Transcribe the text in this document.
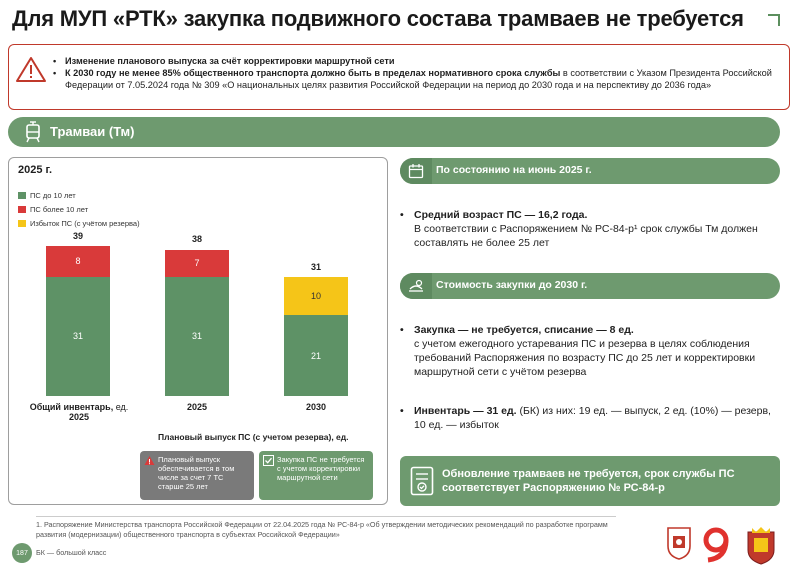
Для МУП «РТК» закупка подвижного состава трамваев не требуется
• Изменение планового выпуска за счёт корректировки маршрутной сети
• К 2030 году не менее 85% общественного транспорта должно быть в пределах нормативного срока службы в соответствии с Указом Президента Российской Федерации от 7.05.2024 года № 309 «О национальных целях развития Российской Федерации на период до 2030 года и на перспективу до 2036 года»
Трамваи (Тм)
2025 г.
ПС до 10 лет
ПС более 10 лет
Избыток ПС (с учётом резерва)
39
8
31
38
7
31
31
10
21
Общий инвентарь, ед.
2025
2025	2030
Плановый выпуск ПС (с учетом резерва), ед.
Плановый выпуск обеспечивается в том числе за счет 7 ТС старше 25 лет
Закупка ПС не требуется с учетом корректировки маршрутной сети
По состоянию на июнь 2025 г.
• Средний возраст ПС — 16,2 года.
В соответствии с Распоряжением № РС-84-р¹ срок службы Тм должен составлять не более 25 лет
Стоимость закупки до 2030 г.
• Закупка — не требуется, списание — 8 ед.
с учетом ежегодного устаревания ПС и резерва в целях соблюдения требований Распоряжения по возрасту ПС до 25 лет и корректировки маршрутной сети с учётом резерва
• Инвентарь — 31 ед. (БК) из них: 19 ед. — выпуск, 2 ед. (10%) — резерв, 10 ед. — избыток
Обновление трамваев не требуется, срок службы ПС соответствует Распоряжению № РС-84-р
1. Распоряжение Министерства транспорта Российской Федерации от 22.04.2025 года № РС-84-р «Об утверждении методических рекомендаций по разработке программ развития (модернизации) общественного транспорта в субъектах Российской Федерации»
БК — большой класс
187
